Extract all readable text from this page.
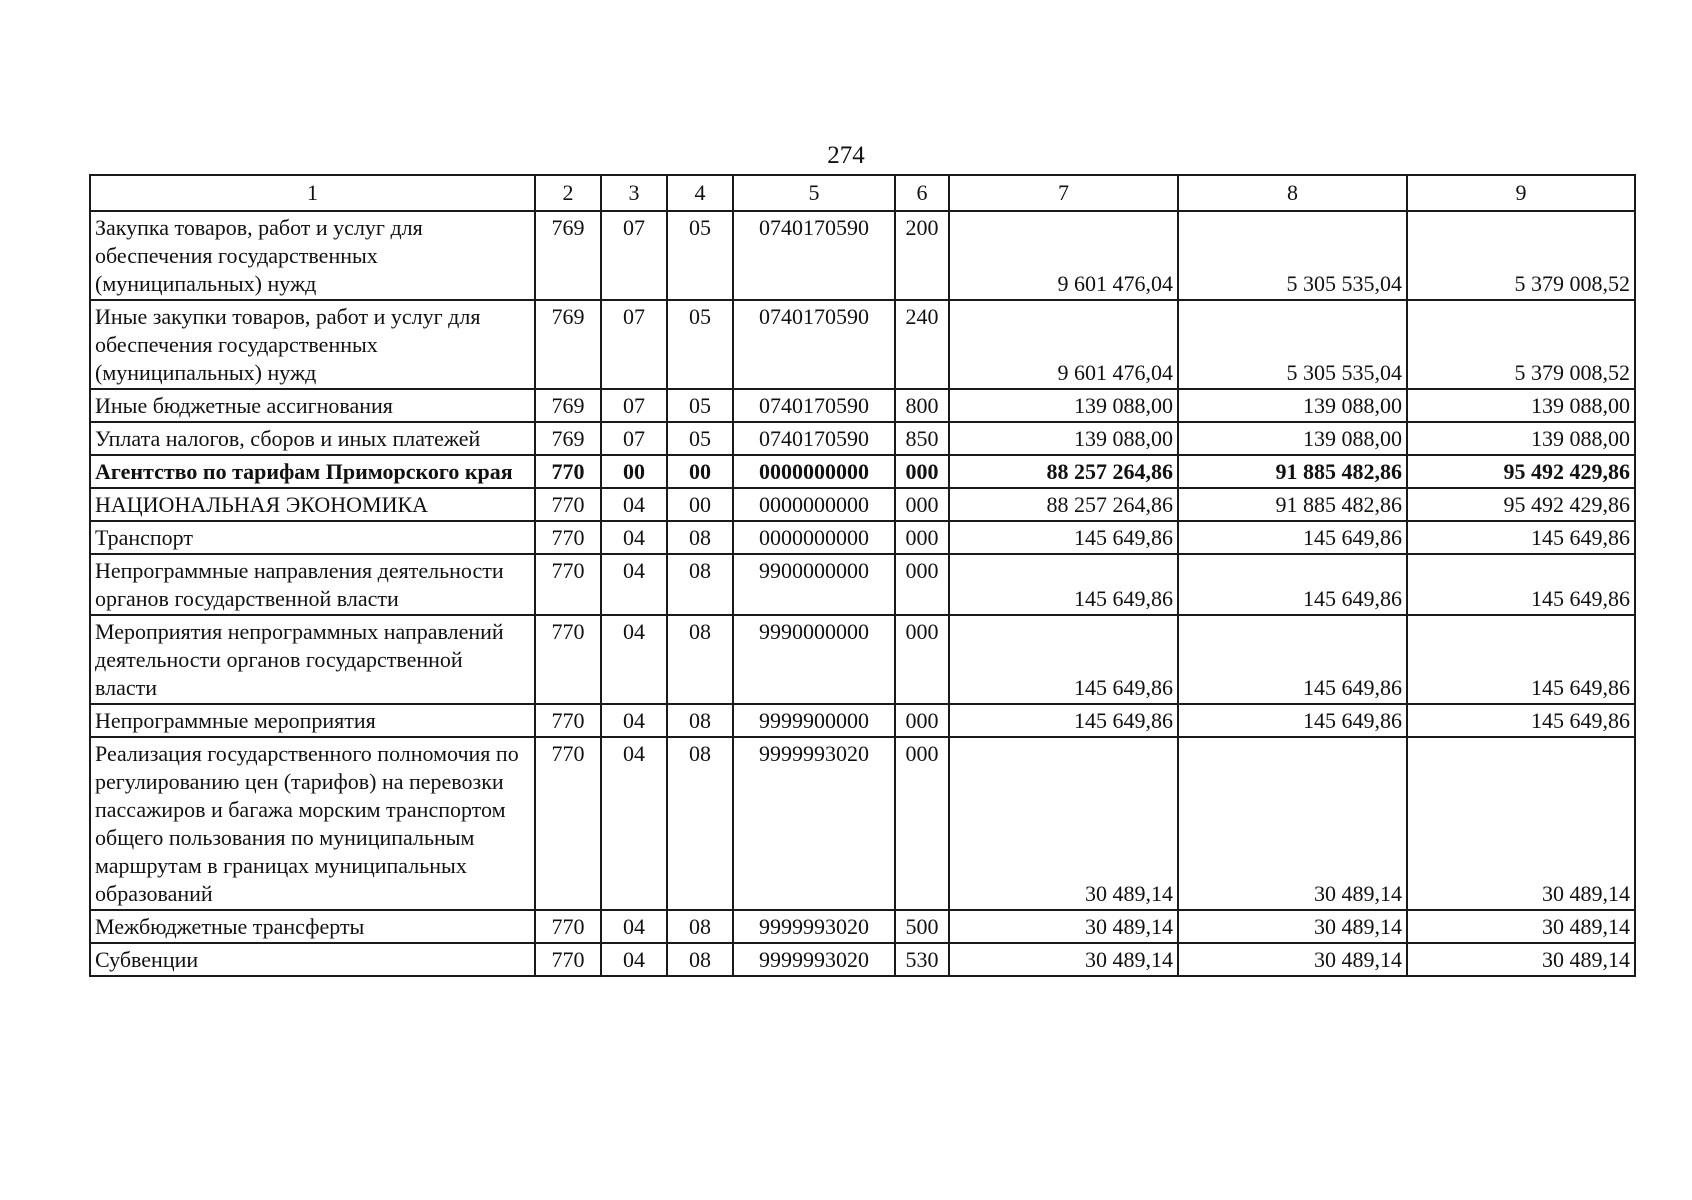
274
1	2	3	4	5	6	7	8	9
Закупка товаров, работ и услуг для обеспечения государственных (муниципальных) нужд	769	07	05	0740170590	200	9 601 476,04	5 305 535,04	5 379 008,52
Иные закупки товаров, работ и услуг для обеспечения государственных (муниципальных) нужд	769	07	05	0740170590	240	9 601 476,04	5 305 535,04	5 379 008,52
Иные бюджетные ассигнования	769	07	05	0740170590	800	139 088,00	139 088,00	139 088,00
Уплата налогов, сборов и иных платежей	769	07	05	0740170590	850	139 088,00	139 088,00	139 088,00
Агентство по тарифам Приморского края	770	00	00	0000000000	000	88 257 264,86	91 885 482,86	95 492 429,86
НАЦИОНАЛЬНАЯ ЭКОНОМИКА	770	04	00	0000000000	000	88 257 264,86	91 885 482,86	95 492 429,86
Транспорт	770	04	08	0000000000	000	145 649,86	145 649,86	145 649,86
Непрограммные направления деятельности органов государственной власти	770	04	08	9900000000	000	145 649,86	145 649,86	145 649,86
Мероприятия непрограммных направлений деятельности органов государственной власти	770	04	08	9990000000	000	145 649,86	145 649,86	145 649,86
Непрограммные мероприятия	770	04	08	9999900000	000	145 649,86	145 649,86	145 649,86
Реализация государственного полномочия по регулированию цен (тарифов) на перевозки пассажиров и багажа морским транспортом общего пользования по муниципальным маршрутам в границах муниципальных образований	770	04	08	9999993020	000	30 489,14	30 489,14	30 489,14
Межбюджетные трансферты	770	04	08	9999993020	500	30 489,14	30 489,14	30 489,14
Субвенции	770	04	08	9999993020	530	30 489,14	30 489,14	30 489,14
